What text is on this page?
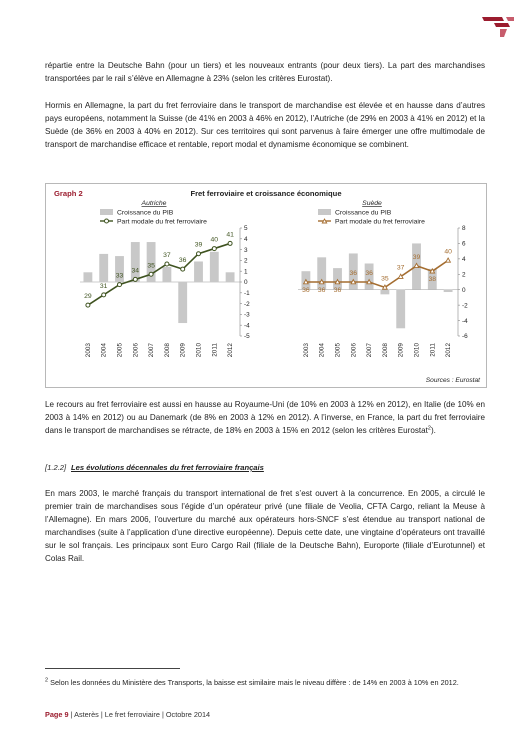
répartie entre la Deutsche Bahn (pour un tiers) et les nouveaux entrants (pour deux tiers). La part des marchandises transportées par le rail s’élève en Allemagne à 23% (selon les critères Eurostat).

Hormis en Allemagne, la part du fret ferroviaire dans le transport de marchandise est élevée et en hausse dans d’autres pays européens, notamment la Suisse (de 41% en 2003 à 46% en 2012), l’Autriche (de 29% en 2003 à 41% en 2012) et la Suède (de 36% en 2003 à 40% en 2012). Sur ces territoires qui sont parvenus à faire émerger une offre multimodale de transport de marchandise efficace et rentable, report modal et dynamisme économique se combinent.

Graph 2	Fret ferroviaire et croissance économique
Sources : Eurostat
Autriche
Croissance du PIB
Part modale du fret ferroviaire
-5
-4
-3
-2
-1
0
1
2
3
4
5
29
31
33
34
35
37
36
39
40
41
2003 2004 2005 2006 2007 2008 2009 2010 2011 2012
Suède
Croissance du PIB
Part modale du fret ferroviaire
-6
-4
-2
0
2
4
6
8
36 36 36
36 36
35
37
39
38
40
2003 2004 2005 2006 2007 2008 2009 2010 2011 2012

Le recours au fret ferroviaire est aussi en hausse au Royaume-Uni (de 10% en 2003 à 12% en 2012), en Italie (de 10% en 2003 à 14% en 2012) ou au Danemark (de 8% en 2003 à 12% en 2012). A l’inverse, en France, la part du fret ferroviaire dans le transport de marchandises se rétracte, de 18% en 2003 à 15% en 2012 (selon les critères Eurostat$^2$).

[1.2.2] Les évolutions décennales du fret ferroviaire français

En mars 2003, le marché français du transport international de fret s’est ouvert à la concurrence. En 2005, a circulé le premier train de marchandises sous l’égide d’un opérateur privé (une filiale de Veolia, CFTA Cargo, reliant la Meuse à l’Allemagne). En mars 2006, l’ouverture du marché aux opérateurs hors-SNCF s’est étendue au transport national de marchandises (suite à l’application d’une directive européenne). Depuis cette date, une vingtaine d’opérateurs ont travaillé sur le sol français. Les principaux sont Euro Cargo Rail (filiale de la Deutsche Bahn), Europorte (filiale d’Eurotunnel) et Colas Rail.

$^2$ Selon les données du Ministère des Transports, la baisse est similaire mais le niveau diffère : de 14% en 2003 à 10% en 2012.

Page 9 | Asterès | Le fret ferroviaire | Octobre 2014
